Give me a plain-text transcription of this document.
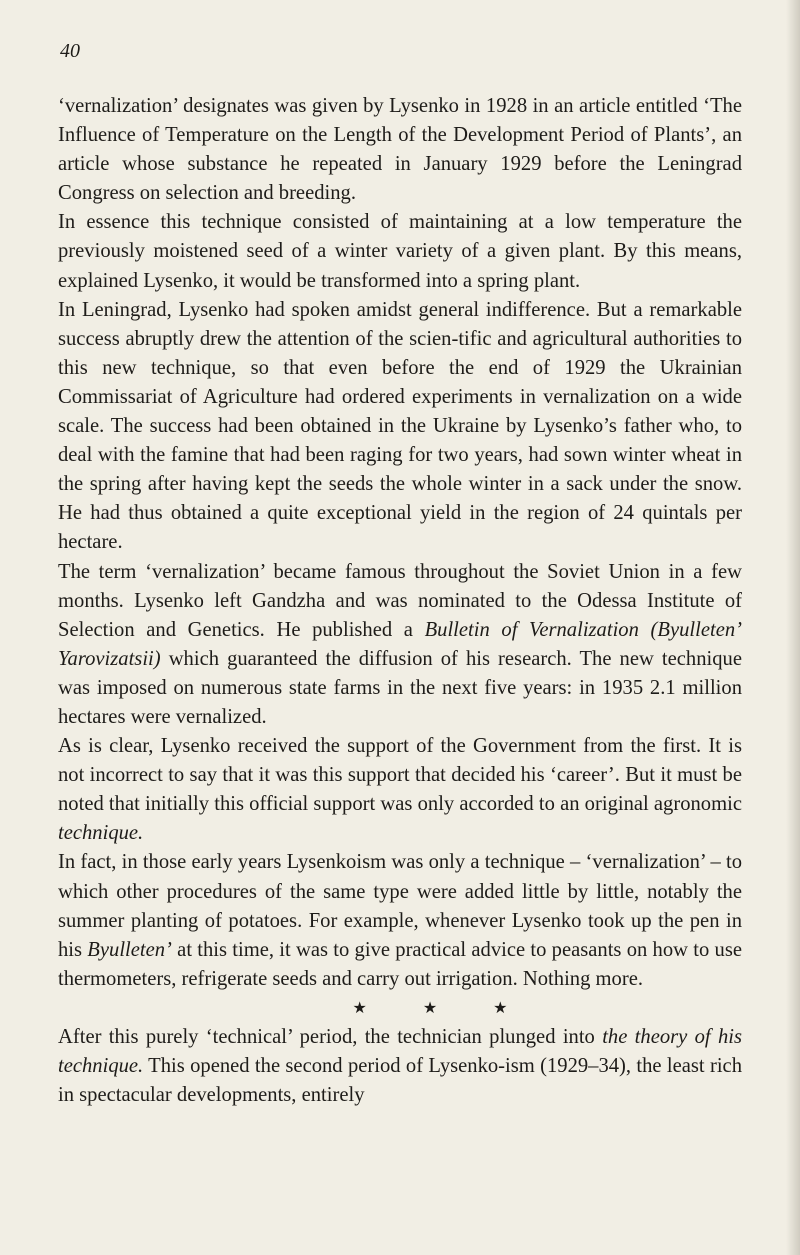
40

‘vernalization’ designates was given by Lysenko in 1928 in an article entitled ‘The Influence of Temperature on the Length of the Development Period of Plants’, an article whose substance he repeated in January 1929 before the Leningrad Congress on selection and breeding.

In essence this technique consisted of maintaining at a low temperature the previously moistened seed of a winter variety of a given plant. By this means, explained Lysenko, it would be transformed into a spring plant.

In Leningrad, Lysenko had spoken amidst general indifference. But a remarkable success abruptly drew the attention of the scien-tific and agricultural authorities to this new technique, so that even before the end of 1929 the Ukrainian Commissariat of Agriculture had ordered experiments in vernalization on a wide scale. The success had been obtained in the Ukraine by Lysenko’s father who, to deal with the famine that had been raging for two years, had sown winter wheat in the spring after having kept the seeds the whole winter in a sack under the snow. He had thus obtained a quite exceptional yield in the region of 24 quintals per hectare.

The term ‘vernalization’ became famous throughout the Soviet Union in a few months. Lysenko left Gandzha and was nominated to the Odessa Institute of Selection and Genetics. He published a Bulletin of Vernalization (Byulleten’ Yarovizatsii) which guaranteed the diffusion of his research. The new technique was imposed on numerous state farms in the next five years: in 1935 2.1 million hectares were vernalized.

As is clear, Lysenko received the support of the Government from the first. It is not incorrect to say that it was this support that decided his ‘career’. But it must be noted that initially this official support was only accorded to an original agronomic technique.

In fact, in those early years Lysenkoism was only a technique – ‘vernalization’ – to which other procedures of the same type were added little by little, notably the summer planting of potatoes. For example, whenever Lysenko took up the pen in his Byulleten’ at this time, it was to give practical advice to peasants on how to use thermometers, refrigerate seeds and carry out irrigation. Nothing more.

★ ★ ★

After this purely ‘technical’ period, the technician plunged into the theory of his technique. This opened the second period of Lysenko-ism (1929–34), the least rich in spectacular developments, entirely
